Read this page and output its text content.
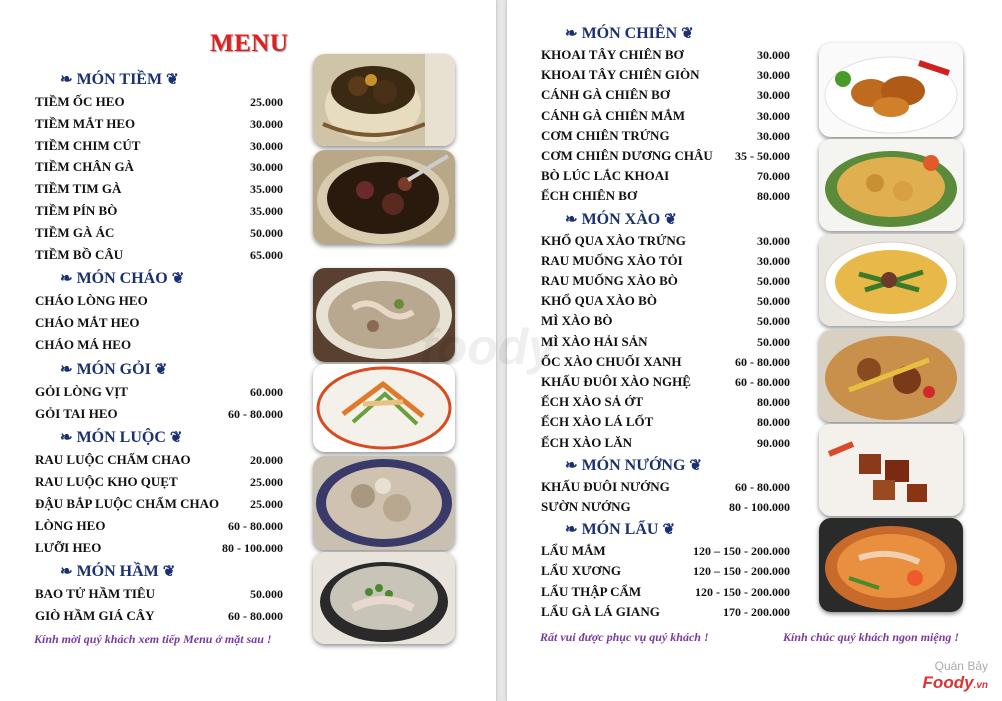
MENU
❧ MÓN TIỀM ❦
TIỀM ỐC HEO	25.000
TIỀM MẮT HEO	30.000
TIỀM CHIM CÚT	30.000
TIỀM CHÂN GÀ	30.000
TIỀM TIM GÀ	35.000
TIỀM PÍN BÒ	35.000
TIỀM GÀ ÁC	50.000
TIỀM BỒ CÂU	65.000
❧ MÓN CHÁO ❦
CHÁO LÒNG HEO
CHÁO MẮT HEO
CHÁO MÁ HEO
❧ MÓN GỎI ❦
GỎI LÒNG VỊT	60.000
GỎI TAI HEO	60 - 80.000
❧ MÓN LUỘC ❦
RAU LUỘC CHẤM CHAO	20.000
RAU LUỘC KHO QUẸT	25.000
ĐẬU BẮP LUỘC CHẤM CHAO	25.000
LÒNG HEO	60 - 80.000
LƯỠI HEO	80 - 100.000
❧ MÓN HẦM ❦
BAO TỬ HẦM TIÊU	50.000
GIÒ HẦM GIÁ CÂY	60 - 80.000
Kính mời quý khách xem tiếp Menu ở mặt sau !
❧ MÓN CHIÊN ❦
KHOAI TÂY CHIÊN BƠ	30.000
KHOAI TÂY CHIÊN GIÒN	30.000
CÁNH GÀ CHIÊN BƠ	30.000
CÁNH GÀ CHIÊN MẮM	30.000
CƠM CHIÊN TRỨNG	30.000
CƠM CHIÊN DƯƠNG CHÂU 35 - 50.000
BÒ LÚC LẮC KHOAI	70.000
ẾCH CHIÊN BƠ	80.000
❧ MÓN XÀO ❦
KHỔ QUA XÀO TRỨNG	30.000
RAU MUỐNG XÀO TỎI	30.000
RAU MUỐNG XÀO BÒ	50.000
KHỔ QUA XÀO BÒ	50.000
MÌ XÀO BÒ	50.000
MÌ XÀO HẢI SẢN	50.000
ỐC XÀO CHUỐI XANH	60 - 80.000
KHẤU ĐUÔI XÀO NGHỆ	60 - 80.000
ẾCH XÀO SẢ ỚT	80.000
ẾCH XÀO LÁ LỐT	80.000
ẾCH XÀO LĂN	90.000
❧ MÓN NƯỚNG ❦
KHẤU ĐUÔI NƯỚNG	60 - 80.000
SƯỜN NƯỚNG	80 - 100.000
❧ MÓN LẨU ❦
LẨU MẮM	120 – 150 - 200.000
LẨU XƯƠNG	120 – 150 - 200.000
LẨU THẬP CẨM	120 - 150 - 200.000
LẨU GÀ LÁ GIANG	170 - 200.000
Rất vui được phục vụ quý khách !	Kính chúc quý khách ngon miệng !
foody
Quán Bảy
Foody.vn
